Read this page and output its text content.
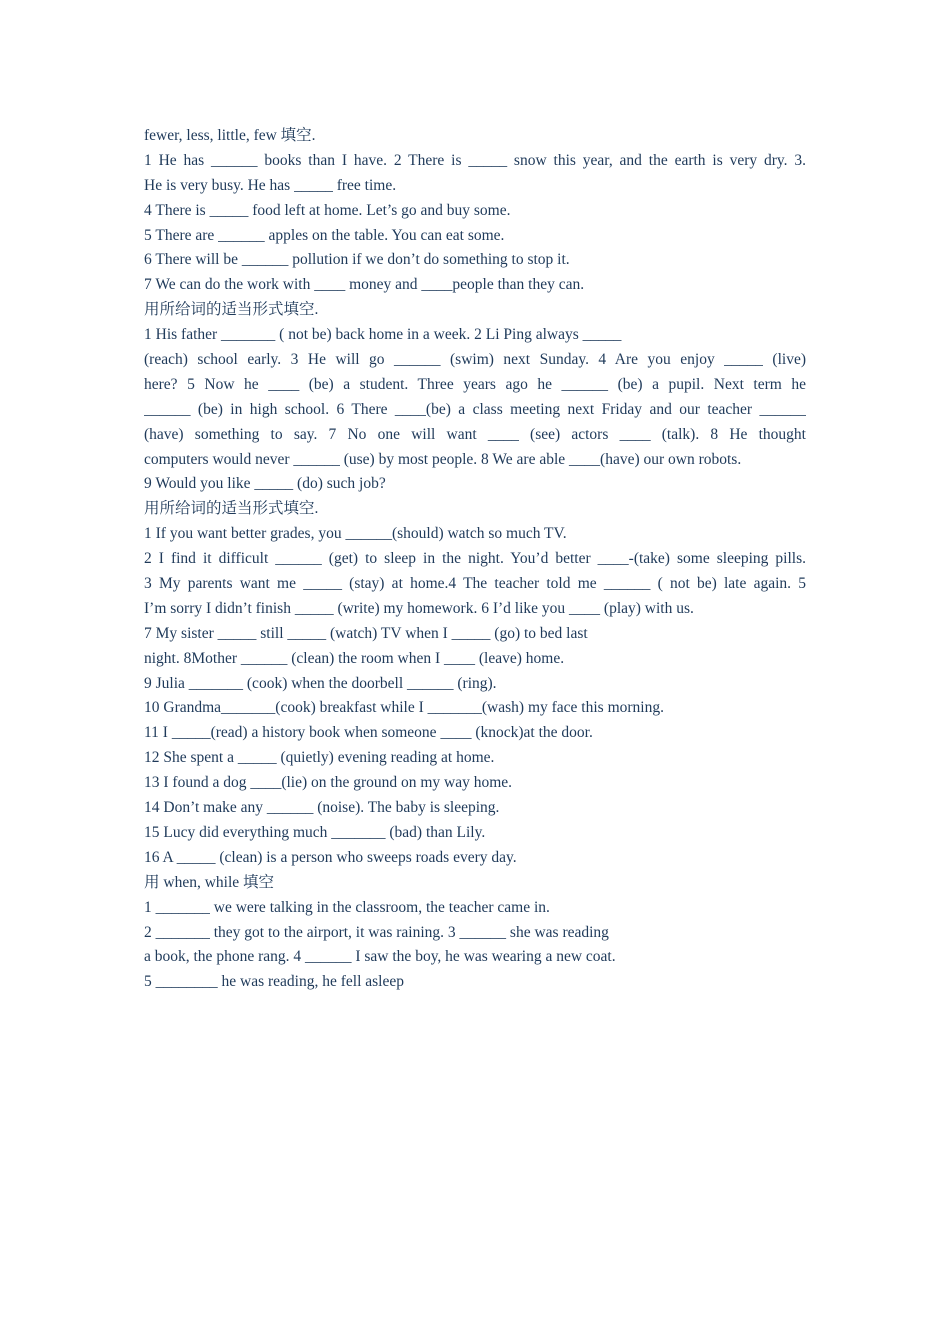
fewer, less, little, few 填空.
1 He has ______ books than I have. 2 There is _____ snow this year, and the earth is very dry. 3.
He is very busy. He has _____ free time.
4 There is _____ food left at home. Let’s go and buy some.
5 There are ______ apples on the table. You can eat some.
6 There will be ______ pollution if we don’t do something to stop it.
7 We can do the work with ____ money and ____people than they can.
用所给词的适当形式填空.
1 His father _______ ( not be) back home in a week. 2 Li Ping always _____
(reach) school early. 3 He will go ______ (swim) next Sunday. 4 Are you enjoy _____ (live)
here? 5 Now he ____ (be) a student. Three years ago he ______ (be) a pupil. Next term he
______ (be) in high school. 6 There ____(be) a class meeting next Friday and our teacher ______
(have) something to say. 7 No one will want ____ (see) actors ____ (talk). 8 He thought
computers would never ______ (use) by most people. 8 We are able ____(have) our own robots.
9 Would you like _____ (do) such job?
用所给词的适当形式填空.
1 If you want better grades, you ______(should) watch so much TV.
2 I find it difficult ______ (get) to sleep in the night. You’d better ____-(take) some sleeping pills.
3 My parents want me _____ (stay) at home.4 The teacher told me ______ ( not be) late again. 5
I’m sorry I didn’t finish _____ (write) my homework. 6 I’d like you ____ (play) with us.
7 My sister _____ still _____ (watch) TV when I _____ (go) to bed last
night. 8Mother ______ (clean) the room when I ____ (leave) home.
9 Julia _______ (cook) when the doorbell ______ (ring).
10 Grandma_______(cook) breakfast while I _______(wash) my face this morning.
11 I _____(read) a history book when someone ____ (knock)at the door.
12 She spent a _____ (quietly) evening reading at home.
13 I found a dog ____(lie) on the ground on my way home.
14 Don’t make any ______ (noise). The baby is sleeping.
15 Lucy did everything much _______ (bad) than Lily.
16 A _____ (clean) is a person who sweeps roads every day.
用 when, while 填空
1 _______ we were talking in the classroom, the teacher came in.
2 _______ they got to the airport, it was raining. 3 ______ she was reading
a book, the phone rang. 4 ______ I saw the boy, he was wearing a new coat.
5 ________ he was reading, he fell asleep
